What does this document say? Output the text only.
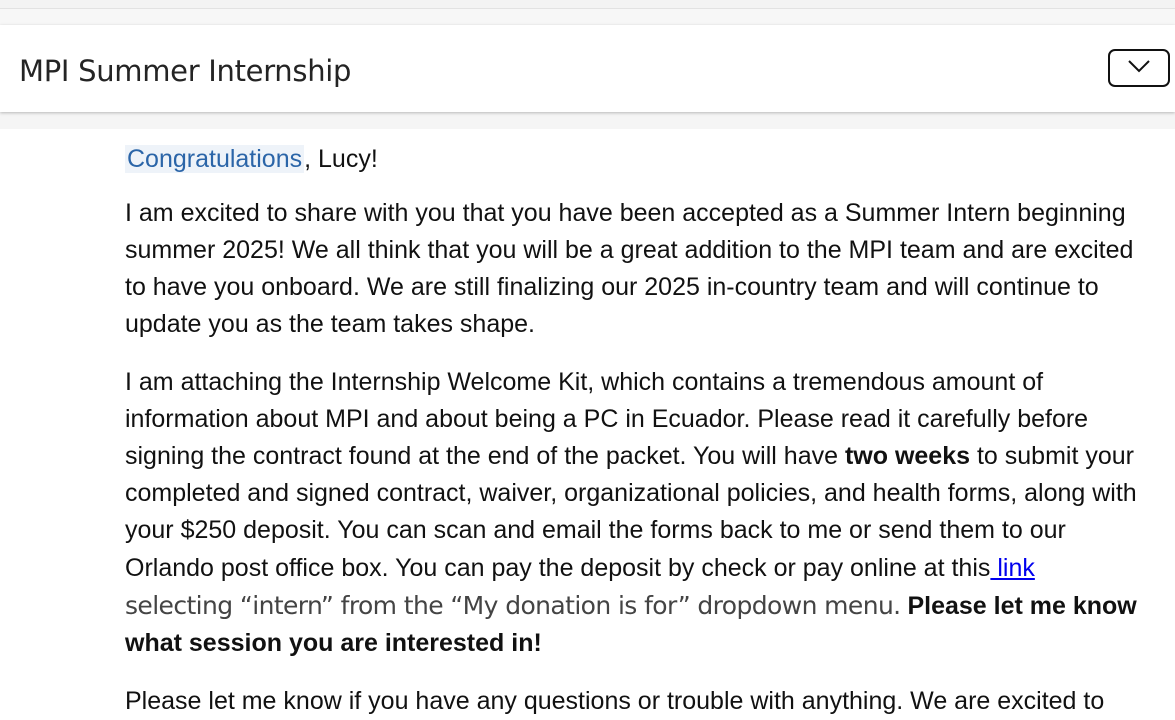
MPI Summer Internship

Congratulations, Lucy!

I am excited to share with you that you have been accepted as a Summer Intern beginning summer 2025! We all think that you will be a great addition to the MPI team and are excited to have you onboard. We are still finalizing our 2025 in-country team and will continue to update you as the team takes shape.

I am attaching the Internship Welcome Kit, which contains a tremendous amount of information about MPI and about being a PC in Ecuador. Please read it carefully before signing the contract found at the end of the packet. You will have two weeks to submit your completed and signed contract, waiver, organizational policies, and health forms, along with your $250 deposit. You can scan and email the forms back to me or send them to our Orlando post office box. You can pay the deposit by check or pay online at this link selecting “intern” from the “My donation is for” dropdown menu. Please let me know what session you are interested in!

Please let me know if you have any questions or trouble with anything. We are excited to
